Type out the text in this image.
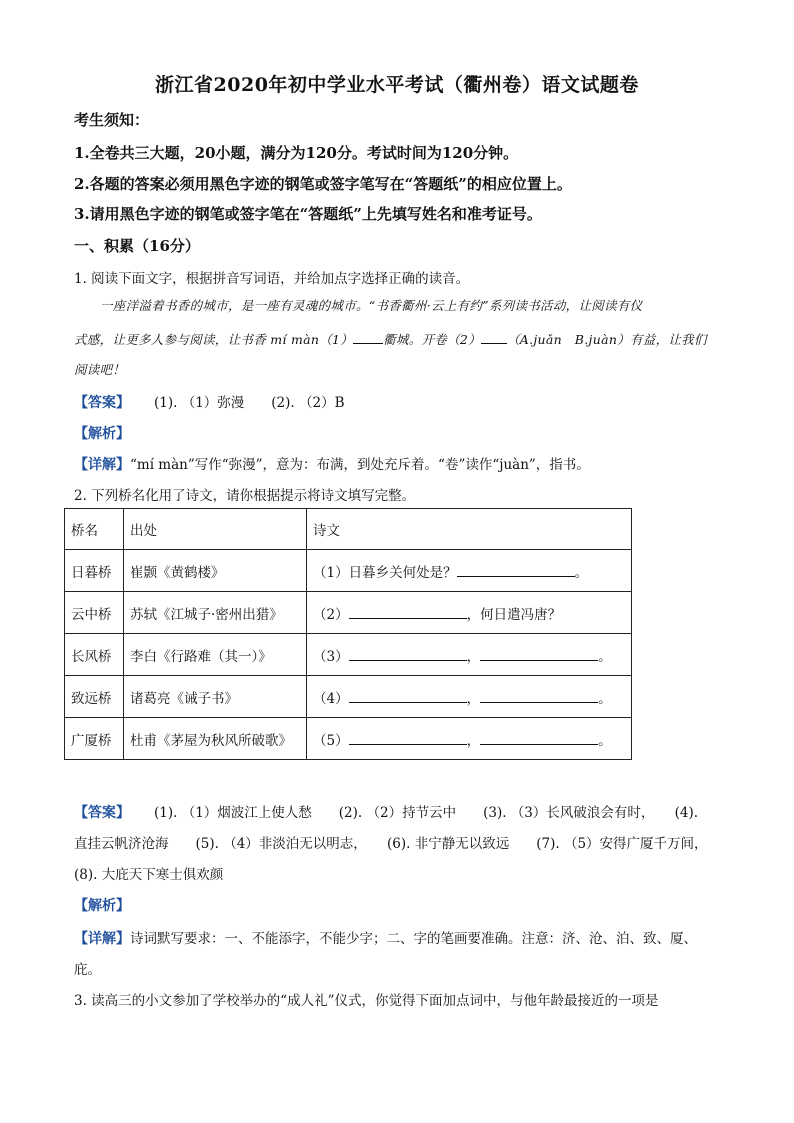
浙江省2020年初中学业水平考试（衢州卷）语文试题卷
考生须知：
1.全卷共三大题，20小题，满分为120分。考试时间为120分钟。
2.各题的答案必须用黑色字迹的钢笔或签字笔写在“答题纸”的相应位置上。
3.请用黑色字迹的钢笔或签字笔在“答题纸”上先填写姓名和准考证号。
一、积累（16分）
1. 阅读下面文字，根据拼音写词语，并给加点字选择正确的读音。
一座洋溢着书香的城市，是一座有灵魂的城市。“书香衢州·云上有约”系列读书活动，让阅读有仪
式感，让更多人参与阅读，让书香 mí màn（1） 衢城。开卷（2） （A.juǎn　B.juàn）有益，让我们
阅读吧！
【答案】 (1). （1）弥漫　　(2). （2）B
【解析】
【详解】“mí màn”写作“弥漫”，意为：布满，到处充斥着。“卷”读作“juàn”，指书。
2. 下列桥名化用了诗文，请你根据提示将诗文填写完整。
桥名	出处	诗文
日暮桥	崔颢《黄鹤楼》	（1）日暮乡关何处是？ 。
云中桥	苏轼《江城子·密州出猎》	（2） ，何日遣冯唐？
长风桥	李白《行路难（其一）》	（3） ， 。
致远桥	诸葛亮《诫子书》	（4） ， 。
广厦桥	杜甫《茅屋为秋风所破歌》	（5） ， 。
【答案】 (1). （1）烟波江上使人愁　　(2). （2）持节云中　　(3). （3）长风破浪会有时，　　(4).
直挂云帆济沧海　　(5). （4）非淡泊无以明志，　　(6). 非宁静无以致远　　(7). （5）安得广厦千万间，
(8). 大庇天下寒士俱欢颜
【解析】
【详解】诗词默写要求：一、不能添字，不能少字；二、字的笔画要准确。注意：济、沧、泊、致、厦、
庇。
3. 读高三的小文参加了学校举办的“成人礼”仪式，你觉得下面加点词中，与他年龄最接近的一项是
